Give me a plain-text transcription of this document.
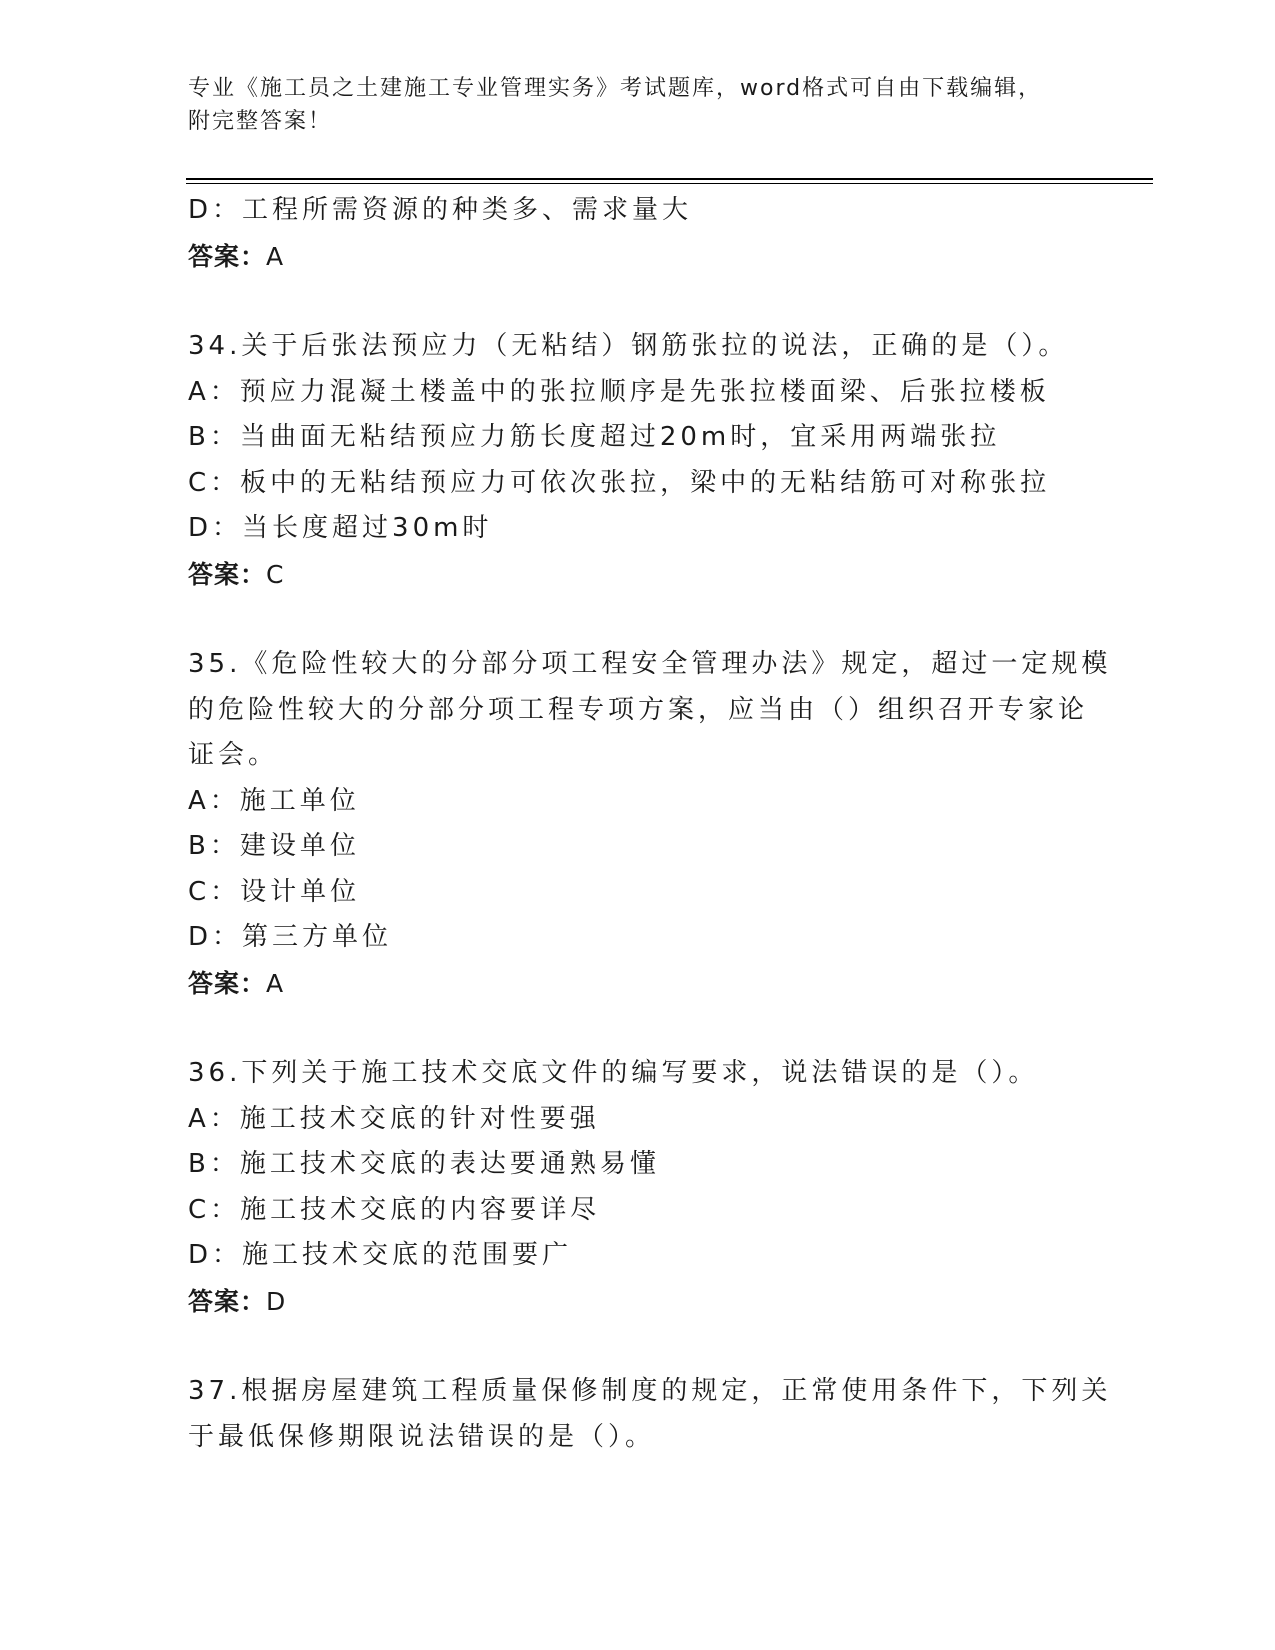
专业《施工员之土建施工专业管理实务》考试题库，word格式可自由下载编辑，
附完整答案！
D：工程所需资源的种类多、需求量大
答案：A
34.关于后张法预应力（无粘结）钢筋张拉的说法，正确的是（）。
A：预应力混凝土楼盖中的张拉顺序是先张拉楼面梁、后张拉楼板
B：当曲面无粘结预应力筋长度超过20m时，宜采用两端张拉
C：板中的无粘结预应力可依次张拉，梁中的无粘结筋可对称张拉
D：当长度超过30m时
答案：C
35.《危险性较大的分部分项工程安全管理办法》规定，超过一定规模
的危险性较大的分部分项工程专项方案，应当由（）组织召开专家论
证会。
A：施工单位
B：建设单位
C：设计单位
D：第三方单位
答案：A
36.下列关于施工技术交底文件的编写要求，说法错误的是（）。
A：施工技术交底的针对性要强
B：施工技术交底的表达要通熟易懂
C：施工技术交底的内容要详尽
D：施工技术交底的范围要广
答案：D
37.根据房屋建筑工程质量保修制度的规定，正常使用条件下，下列关
于最低保修期限说法错误的是（）。
